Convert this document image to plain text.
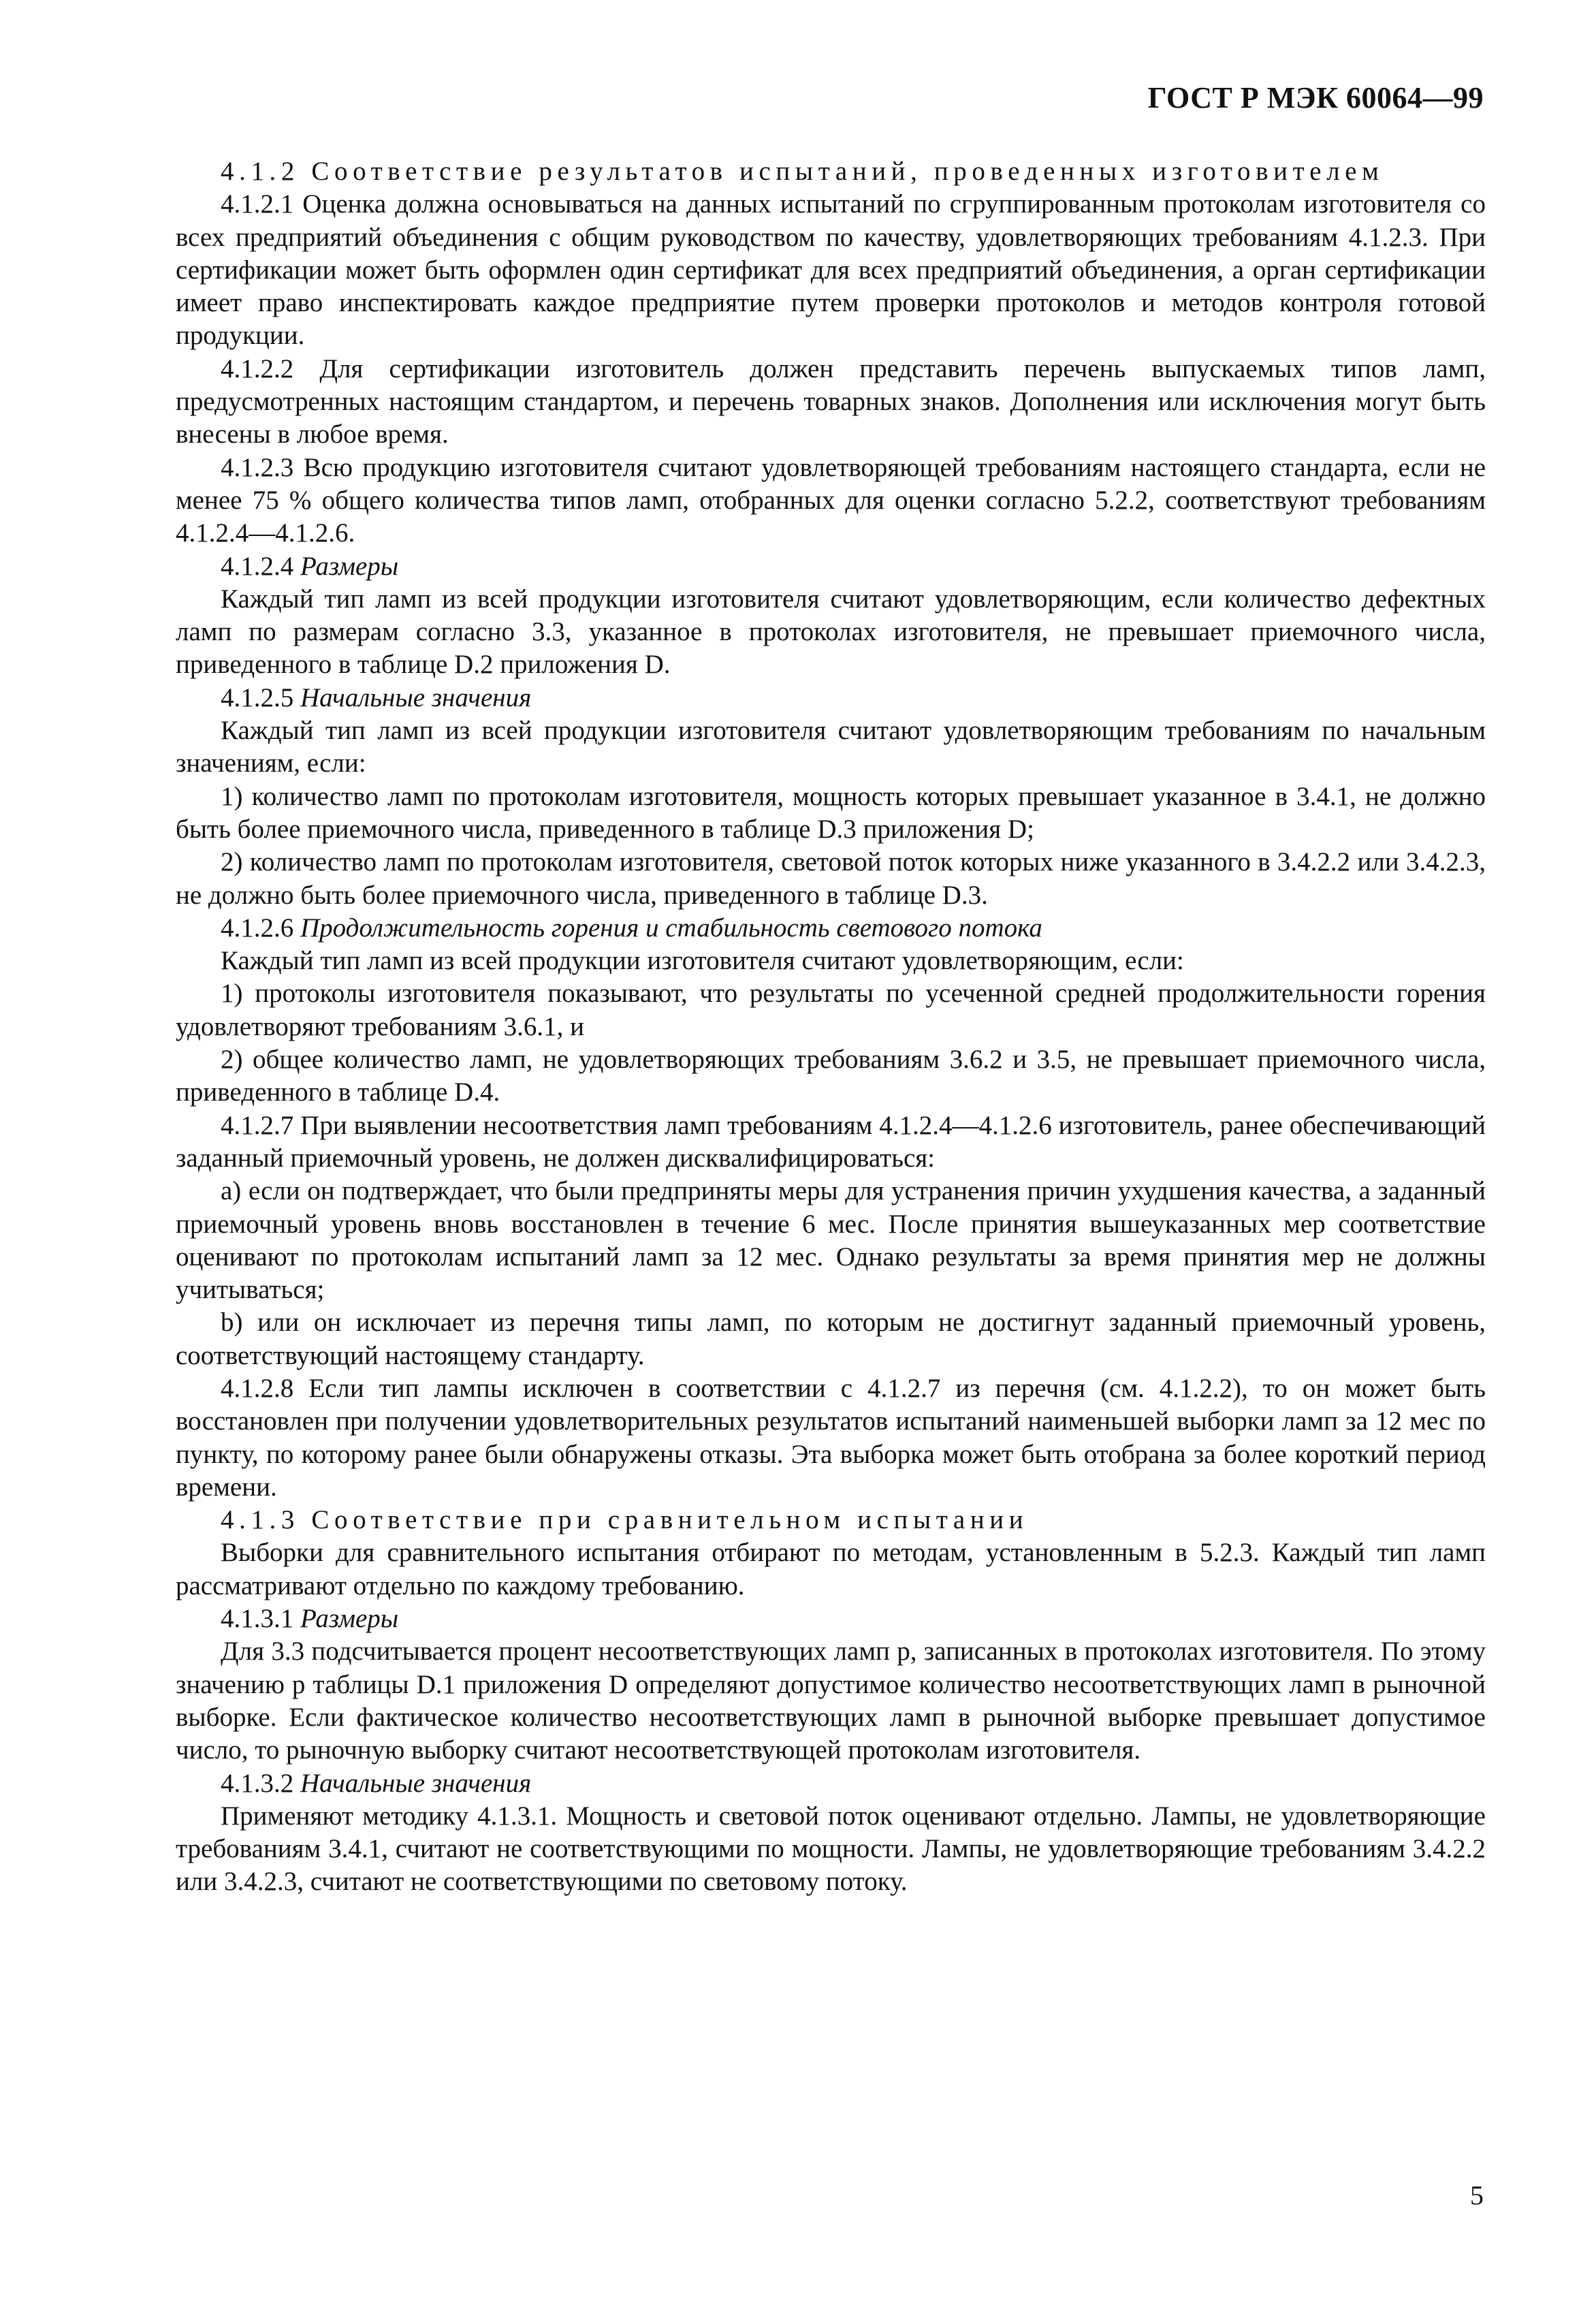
ГОСТ Р МЭК 60064—99

4.1.2 Соответствие результатов испытаний, проведенных изготовителем

4.1.2.1 Оценка должна основываться на данных испытаний по сгруппированным протоколам изготовителя со всех предприятий объединения с общим руководством по качеству, удовлетворяющих требованиям 4.1.2.3. При сертификации может быть оформлен один сертификат для всех предприятий объединения, а орган сертификации имеет право инспектировать каждое предприятие путем проверки протоколов и методов контроля готовой продукции.

4.1.2.2 Для сертификации изготовитель должен представить перечень выпускаемых типов ламп, предусмотренных настоящим стандартом, и перечень товарных знаков. Дополнения или исключения могут быть внесены в любое время.

4.1.2.3 Всю продукцию изготовителя считают удовлетворяющей требованиям настоящего стандарта, если не менее 75 % общего количества типов ламп, отобранных для оценки согласно 5.2.2, соответствуют требованиям 4.1.2.4—4.1.2.6.

4.1.2.4 Размеры

Каждый тип ламп из всей продукции изготовителя считают удовлетворяющим, если количество дефектных ламп по размерам согласно 3.3, указанное в протоколах изготовителя, не превышает приемочного числа, приведенного в таблице D.2 приложения D.

4.1.2.5 Начальные значения

Каждый тип ламп из всей продукции изготовителя считают удовлетворяющим требованиям по начальным значениям, если:

1) количество ламп по протоколам изготовителя, мощность которых превышает указанное в 3.4.1, не должно быть более приемочного числа, приведенного в таблице D.3 приложения D;

2) количество ламп по протоколам изготовителя, световой поток которых ниже указанного в 3.4.2.2 или 3.4.2.3, не должно быть более приемочного числа, приведенного в таблице D.3.

4.1.2.6 Продолжительность горения и стабильность светового потока

Каждый тип ламп из всей продукции изготовителя считают удовлетворяющим, если:

1) протоколы изготовителя показывают, что результаты по усеченной средней продолжительности горения удовлетворяют требованиям 3.6.1, и

2) общее количество ламп, не удовлетворяющих требованиям 3.6.2 и 3.5, не превышает приемочного числа, приведенного в таблице D.4.

4.1.2.7 При выявлении несоответствия ламп требованиям 4.1.2.4—4.1.2.6 изготовитель, ранее обеспечивающий заданный приемочный уровень, не должен дисквалифицироваться:

а) если он подтверждает, что были предприняты меры для устранения причин ухудшения качества, а заданный приемочный уровень вновь восстановлен в течение 6 мес. После принятия вышеуказанных мер соответствие оценивают по протоколам испытаний ламп за 12 мес. Однако результаты за время принятия мер не должны учитываться;

b) или он исключает из перечня типы ламп, по которым не достигнут заданный приемочный уровень, соответствующий настоящему стандарту.

4.1.2.8 Если тип лампы исключен в соответствии с 4.1.2.7 из перечня (см. 4.1.2.2), то он может быть восстановлен при получении удовлетворительных результатов испытаний наименьшей выборки ламп за 12 мес по пункту, по которому ранее были обнаружены отказы. Эта выборка может быть отобрана за более короткий период времени.

4.1.3 Соответствие при сравнительном испытании

Выборки для сравнительного испытания отбирают по методам, установленным в 5.2.3. Каждый тип ламп рассматривают отдельно по каждому требованию.

4.1.3.1 Размеры

Для 3.3 подсчитывается процент несоответствующих ламп p, записанных в протоколах изготовителя. По этому значению p таблицы D.1 приложения D определяют допустимое количество несоответствующих ламп в рыночной выборке. Если фактическое количество несоответствующих ламп в рыночной выборке превышает допустимое число, то рыночную выборку считают несоответствующей протоколам изготовителя.

4.1.3.2 Начальные значения

Применяют методику 4.1.3.1. Мощность и световой поток оценивают отдельно. Лампы, не удовлетворяющие требованиям 3.4.1, считают не соответствующими по мощности. Лампы, не удовлетворяющие требованиям 3.4.2.2 или 3.4.2.3, считают не соответствующими по световому потоку.

5
